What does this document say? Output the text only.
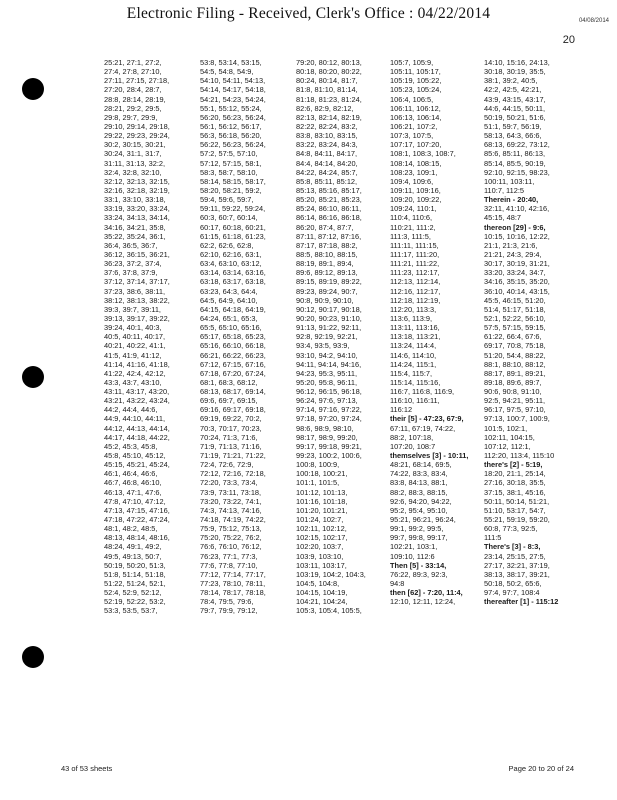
Electronic Filing - Received, Clerk's Office : 04/22/2014	04/08/2014
20
25:21, 27:1, 27:2,
27:4, 27:8, 27:10,
27:11, 27:15, 27:18,
27:20, 28:4, 28:7,
28:8, 28:14, 28:19,
28:21, 29:2, 29:5,
29:8, 29:7, 29:9,
29:10, 29:14, 29:18,
29:22, 29:23, 29:24,
30:2, 30:15, 30:21,
30:24, 31:1, 31:7,
31:11, 31:13, 32:2,
32:4, 32:8, 32:10,
32:12, 32:13, 32:15,
32:16, 32:18, 32:19,
33:1, 33:10, 33:18,
33:19, 33:20, 33:24,
33:24, 34:13, 34:14,
34:16, 34:21, 35:8,
35:22, 35:24, 36:1,
36:4, 36:5, 36:7,
36:12, 36:15, 36:21,
36:23, 37:2, 37:4,
37:6, 37:8, 37:9,
37:12, 37:14, 37:17,
37:23, 38:6, 38:11,
38:12, 38:13, 38:22,
39:3, 39:7, 39:11,
39:13, 39:17, 39:22,
39:24, 40:1, 40:3,
40:5, 40:11, 40:17,
40:21, 40:22, 41:1,
41:5, 41:9, 41:12,
41:14, 41:16, 41:18,
41:22, 42:4, 42:12,
43:3, 43:7, 43:10,
43:11, 43:17, 43:20,
43:21, 43:22, 43:24,
44:2, 44:4, 44:6,
44:9, 44:10, 44:11,
44:12, 44:13, 44:14,
44:17, 44:18, 44:22,
45:2, 45:3, 45:8,
45:8, 45:10, 45:12,
45:15, 45:21, 45:24,
46:1, 46:4, 46:6,
46:7, 46:8, 46:10,
46:13, 47:1, 47:6,
47:8, 47:10, 47:12,
47:13, 47:15, 47:16,
47:18, 47:22, 47:24,
48:1, 48:2, 48:5,
48:13, 48:14, 48:16,
48:24, 49:1, 49:2,
49:5, 49:13, 50:7,
50:19, 50:20, 51:3,
51:8, 51:14, 51:18,
51:22, 51:24, 52:1,
52:4, 52:9, 52:12,
52:19, 52:22, 53:2,
53:3, 53:5, 53:7,
53:8, 53:14, 53:15,
54:5, 54:8, 54:9,
54:10, 54:11, 54:13,
54:14, 54:17, 54:18,
54:21, 54:23, 54:24,
55:1, 55:12, 55:24,
56:20, 56:23, 56:24,
56:1, 56:12, 56:17,
56:3, 56:18, 56:20,
56:22, 56:23, 56:24,
57:2, 57:5, 57:10,
57:12, 57:15, 58:1,
58:3, 58:7, 58:10,
58:14, 58:15, 58:17,
58:20, 58:21, 59:2,
59:4, 59:6, 59:7,
59:11, 59:22, 59:24,
60:3, 60:7, 60:14,
60:17, 60:18, 60:21,
61:15, 61:18, 61:23,
62:2, 62:6, 62:8,
62:10, 62:16, 63:1,
63:4, 63:10, 63:12,
63:14, 63:14, 63:16,
63:18, 63:17, 63:18,
63:23, 64:3, 64:4,
64:5, 64:9, 64:10,
64:15, 64:18, 64:19,
64:24, 65:1, 65:3,
65:5, 65:10, 65:16,
65:17, 65:18, 65:23,
65:16, 66:10, 66:18,
66:21, 66:22, 66:23,
67:12, 67:15, 67:16,
67:18, 67:20, 67:24,
68:1, 68:3, 68:12,
68:13, 68:17, 69:14,
69:6, 69:7, 69:15,
69:16, 69:17, 69:18,
69:19, 69:22, 70:2,
70:3, 70:17, 70:23,
70:24, 71:3, 71:6,
71:9, 71:13, 71:16,
71:19, 71:21, 71:22,
72:4, 72:6, 72:9,
72:12, 72:16, 72:18,
72:20, 73:3, 73:4,
73:9, 73:11, 73:18,
73:20, 73:22, 74:1,
74:3, 74:13, 74:16,
74:18, 74:19, 74:22,
75:9, 75:12, 75:13,
75:20, 75:22, 76:2,
76:6, 76:10, 76:12,
76:23, 77:1, 77:3,
77:6, 77:8, 77:10,
77:12, 77:14, 77:17,
77:23, 78:10, 78:11,
78:14, 78:17, 78:18,
78:4, 79:5, 79:6,
79:7, 79:9, 79:12,
79:20, 80:12, 80:13,
80:18, 80:20, 80:22,
80:24, 80:14, 81:7,
81:8, 81:10, 81:14,
81:18, 81:23, 81:24,
82:6, 82:9, 82:12,
82:13, 82:14, 82:19,
82:22, 82:24, 83:2,
83:8, 83:10, 83:15,
83:22, 83:24, 84:3,
84:8, 84:11, 84:17,
84:4, 84:14, 84:20,
84:22, 84:24, 85:7,
85:8, 85:11, 85:12,
85:13, 85:16, 85:17,
85:20, 85:21, 85:23,
85:24, 86:10, 86:11,
86:14, 86:16, 86:18,
86:20, 87:4, 87:7,
87:11, 87:12, 87:16,
87:17, 87:18, 88:2,
88:5, 88:10, 88:15,
88:19, 89:1, 89:4,
89:6, 89:12, 89:13,
89:15, 89:19, 89:22,
89:23, 89:24, 90:7,
90:8, 90:9, 90:10,
90:12, 90:17, 90:18,
90:20, 90:23, 91:10,
91:13, 91:22, 92:11,
92:8, 92:19, 92:21,
93:4, 93:5, 93:9,
93:10, 94:2, 94:10,
94:11, 94:14, 94:16,
94:23, 95:3, 95:11,
95:20, 95:8, 96:11,
96:12, 96:15, 96:18,
96:24, 97:6, 97:13,
97:14, 97:16, 97:22,
97:18, 97:20, 97:24,
98:6, 98:9, 98:10,
98:17, 98:9, 99:20,
99:17, 99:18, 99:21,
99:23, 100:2, 100:6,
100:8, 100:9,
100:18, 100:21,
101:1, 101:5,
101:12, 101:13,
101:16, 101:18,
101:20, 101:21,
101:24, 102:7,
102:11, 102:12,
102:15, 102:17,
102:20, 103:7,
103:9, 103:10,
103:11, 103:17,
103:19, 104:2, 104:3,
104:5, 104:8,
104:15, 104:19,
104:21, 104:24,
105:3, 105:4, 105:5,
105:7, 105:9,
105:11, 105:17,
105:19, 105:22,
105:23, 105:24,
106:4, 106:5,
106:11, 106:12,
106:13, 106:14,
106:21, 107:2,
107:3, 107:5,
107:17, 107:20,
108:1, 108:3, 108:7,
108:14, 108:15,
108:23, 109:1,
109:4, 109:6,
109:11, 109:16,
109:20, 109:22,
109:24, 110:1,
110:4, 110:6,
110:21, 111:2,
111:3, 111:5,
111:11, 111:15,
111:17, 111:20,
111:21, 111:22,
111:23, 112:17,
112:13, 112:14,
112:16, 112:17,
112:18, 112:19,
112:20, 113:3,
113:6, 113:9,
113:11, 113:16,
113:18, 113:21,
113:24, 114:4,
114:6, 114:10,
114:24, 115:1,
115:4, 115:7,
115:14, 115:16,
116:7, 116:8, 116:9,
116:10, 116:11,
116:12
their [5] - 47:23, 67:9,
67:11, 67:19, 74:22,
88:2, 107:18,
107:20, 108:7
themselves [3] - 10:11,
48:21, 68:14, 69:5,
74:22, 83:3, 83:4,
83:8, 84:13, 88:1,
88:2, 88:3, 88:15,
92:6, 94:20, 94:22,
95:2, 95:4, 95:10,
95:21, 96:21, 96:24,
99:1, 99:2, 99:5,
99:7, 99:8, 99:17,
102:21, 103:1,
109:10, 112:6
Then [5] - 33:14,
76:22, 89:3, 92:3,
94:8
then [62] - 7:20, 11:4,
12:10, 12:11, 12:24,
14:10, 15:16, 24:13,
30:18, 30:19, 35:5,
38:1, 39:2, 40:5,
42:2, 42:5, 42:21,
43:9, 43:15, 43:17,
44:6, 44:15, 50:11,
50:19, 50:21, 51:6,
51:1, 59:7, 56:19,
58:13, 64:3, 66:6,
68:13, 69:22, 73:12,
85:6, 85:11, 86:13,
85:14, 85:5, 90:19,
92:10, 92:15, 98:23,
100:11, 103:11,
110:7, 112:5
Therein - 20:40,
32:11, 41:10, 42:16,
45:15, 48:7
thereon [29] - 9:6,
10:15, 10:16, 12:22,
21:1, 21:3, 21:6,
21:21, 24:3, 29:4,
30:17, 30:19, 31:21,
33:20, 33:24, 34:7,
34:16, 35:15, 35:20,
36:10, 40:14, 43:15,
45:5, 46:15, 51:20,
51:4, 51:17, 51:18,
52:1, 52:22, 56:10,
57:5, 57:15, 59:15,
61:22, 66:4, 67:6,
69:17, 70:8, 75:18,
51:20, 54:4, 88:22,
88:1, 88:10, 88:12,
88:17, 89:1, 89:21,
89:18, 89:6, 89:7,
90:6, 90:8, 91:10,
92:5, 94:21, 95:11,
96:17, 97:5, 97:10,
97:13, 100:7, 100:9,
101:5, 102:1,
102:11, 104:15,
107:12, 112:1,
112:20, 113:4, 115:10
there's [2] - 5:19,
18:20, 21:1, 25:14,
27:16, 30:18, 35:5,
37:15, 38:1, 45:16,
50:11, 50:14, 51:21,
51:10, 53:17, 54:7,
55:21, 59:19, 59:20,
60:8, 77:3, 92:5,
111:5
There's [3] - 8:3,
23:14, 25:15, 27:5,
27:17, 32:21, 37:19,
38:13, 38:17, 39:21,
50:18, 50:2, 65:6,
97:4, 97:7, 108:4
thereafter [1] - 115:12
43 of 53 sheets	Page 20 to 20 of 24
